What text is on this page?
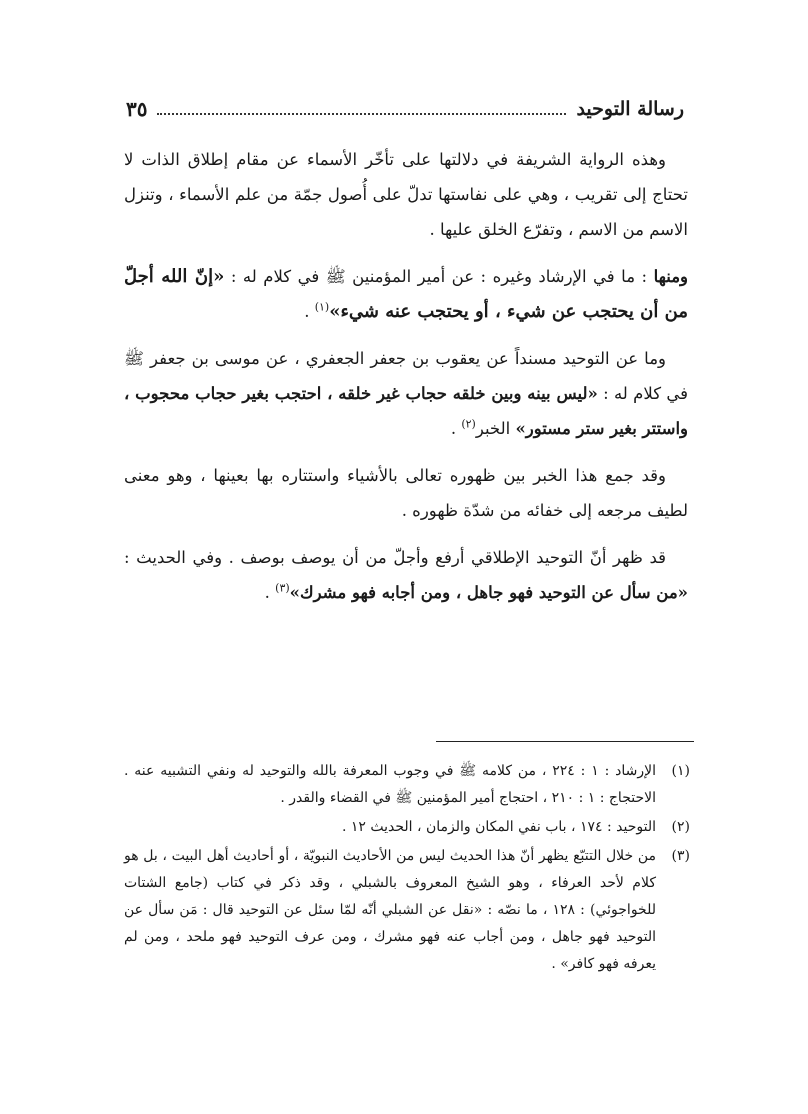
رسالة التوحيد
٣٥

وهذه الرواية الشريفة في دلالتها على تأخّر الأسماء عن مقام إطلاق الذات لا تحتاج إلى تقريب ، وهي على نفاستها تدلّ على أُصول جمّة من علم الأسماء ، وتنزل الاسم من الاسم ، وتفرّع الخلق عليها .

ومنها : ما في الإرشاد وغيره : عن أمير المؤمنين ﷺ في كلام له : «إنّ الله أجلّ من أن يحتجب عن شيء ، أو يحتجب عنه شيء»$^{(١)}$ .

وما عن التوحيد مسنداً عن يعقوب بن جعفر الجعفري ، عن موسى بن جعفر ﷺ في كلام له : «ليس بينه وبين خلقه حجاب غير خلقه ، احتجب بغير حجاب محجوب ، واستتر بغير ستر مستور» الخبر$^{(٢)}$ .

وقد جمع هذا الخبر بين ظهوره تعالى بالأشياء واستتاره بها بعينها ، وهو معنى لطيف مرجعه إلى خفائه من شدّة ظهوره .

قد ظهر أنّ التوحيد الإطلاقي أرفع وأجلّ من أن يوصف بوصف . وفي الحديث : «من سأل عن التوحيد فهو جاهل ، ومن أجابه فهو مشرك»$^{(٣)}$ .

(١)
الإرشاد : ١ : ٢٢٤ ، من كلامه ﷺ في وجوب المعرفة بالله والتوحيد له ونفي التشبيه عنه . الاحتجاج : ١ : ٢١٠ ، احتجاج أمير المؤمنين ﷺ في القضاء والقدر .
(٢)
التوحيد : ١٧٤ ، باب نفي المكان والزمان ، الحديث ١٢ .
(٣)
من خلال التتبّع يظهر أنّ هذا الحديث ليس من الأحاديث النبويّة ، أو أحاديث أهل البيت ، بل هو كلام لأحد العرفاء ، وهو الشيخ المعروف بالشبلي ، وقد ذكر في كتاب (جامع الشتات للخواجوئي) : ١٢٨ ، ما نصّه : «نقل عن الشبلي أنّه لمّا سئل عن التوحيد قال : مَن سأل عن التوحيد فهو جاهل ، ومن أجاب عنه فهو مشرك ، ومن عرف التوحيد فهو ملحد ، ومن لم يعرفه فهو كافر» .
